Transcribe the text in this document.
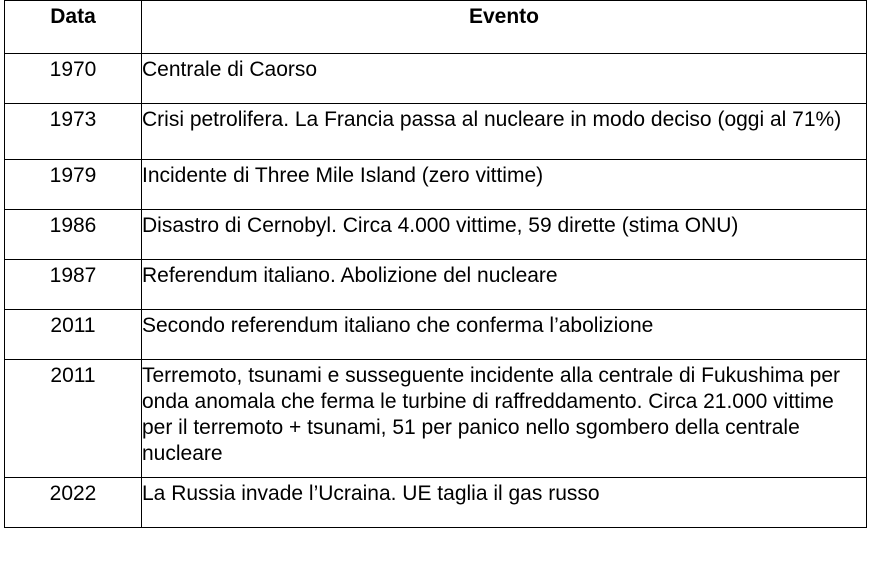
Data	Evento
1970	Centrale di Caorso
1973	Crisi petrolifera. La Francia passa al nucleare in modo deciso (oggi al 71%)
1979	Incidente di Three Mile Island (zero vittime)
1986	Disastro di Cernobyl. Circa 4.000 vittime, 59 dirette (stima ONU)
1987	Referendum italiano. Abolizione del nucleare
2011	Secondo referendum italiano che conferma l’abolizione
2011	Terremoto, tsunami e susseguente incidente alla centrale di Fukushima per onda anomala che ferma le turbine di raffreddamento. Circa 21.000 vittime per il terremoto + tsunami, 51 per panico nello sgombero della centrale nucleare
2022	La Russia invade l’Ucraina. UE taglia il gas russo
